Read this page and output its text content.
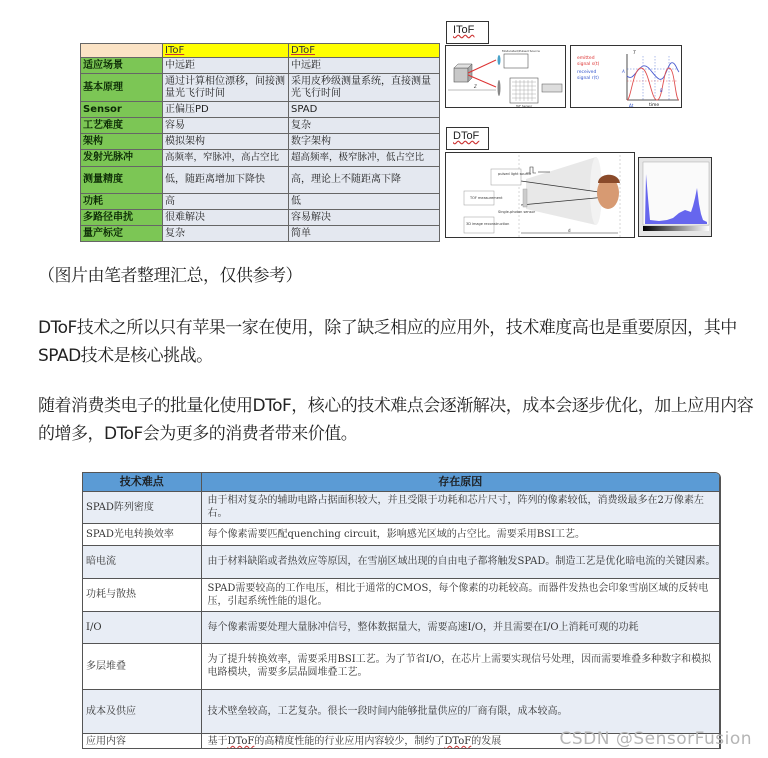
	IToF	DToF
适应场景	中远距	中远距
基本原理	通过计算相位漂移，间接测量光飞行时间	采用皮秒级测量系统，直接测量光飞行时间
Sensor	正偏压PD	SPAD
工艺难度	容易	复杂
架构	模拟架构	数字架构
发射光脉冲	高频率，窄脉冲，高占空比	超高频率，极窄脉冲，低占空比
测量精度	低，随距离增加下降快	高，理论上不随距离下降
功耗	高	低
多路径串扰	很难解决	容易解决
量产标定	复杂	简单
IToF
Modulated/Pulsed Source
Z
ToF Sensor
emitted
signal s(t)
received
signal r(t)
T
A
B
Δt	time
DToF
pulsed light source
TOF measurement
3D image reconstruction
Single-photon sensor
d
（图片由笔者整理汇总，仅供参考）
DToF技术之所以只有苹果一家在使用，除了缺乏相应的应用外，技术难度高也是重要原因，其中SPAD技术是核心挑战。
随着消费类电子的批量化使用DToF，核心的技术难点会逐渐解决，成本会逐步优化，加上应用内容的增多，DToF会为更多的消费者带来价值。
技术难点	存在原因
SPAD阵列密度	由于相对复杂的辅助电路占据面积较大，并且受限于功耗和芯片尺寸，阵列的像素较低，消费级最多在2万像素左右。
SPAD光电转换效率	每个像素需要匹配quenching circuit，影响感光区域的占空比。需要采用BSI工艺。
暗电流	由于材料缺陷或者热效应等原因，在雪崩区域出现的自由电子都将触发SPAD。制造工艺是优化暗电流的关键因素。
功耗与散热	SPAD需要较高的工作电压，相比于通常的CMOS，每个像素的功耗较高。而器件发热也会印象雪崩区域的反转电压，引起系统性能的退化。
I/O	每个像素需要处理大量脉冲信号，整体数据量大，需要高速I/O，并且需要在I/O上消耗可观的功耗
多层堆叠	为了提升转换效率，需要采用BSI工艺。为了节省I/O，在芯片上需要实现信号处理，因而需要堆叠多种数字和模拟电路模块，需要多层晶圆堆叠工艺。
成本及供应	技术壁垒较高，工艺复杂。很长一段时间内能够批量供应的厂商有限，成本较高。
应用内容	基于DToF的高精度性能的行业应用内容较少，制约了DToF的发展	CSDN @SensorFusion
